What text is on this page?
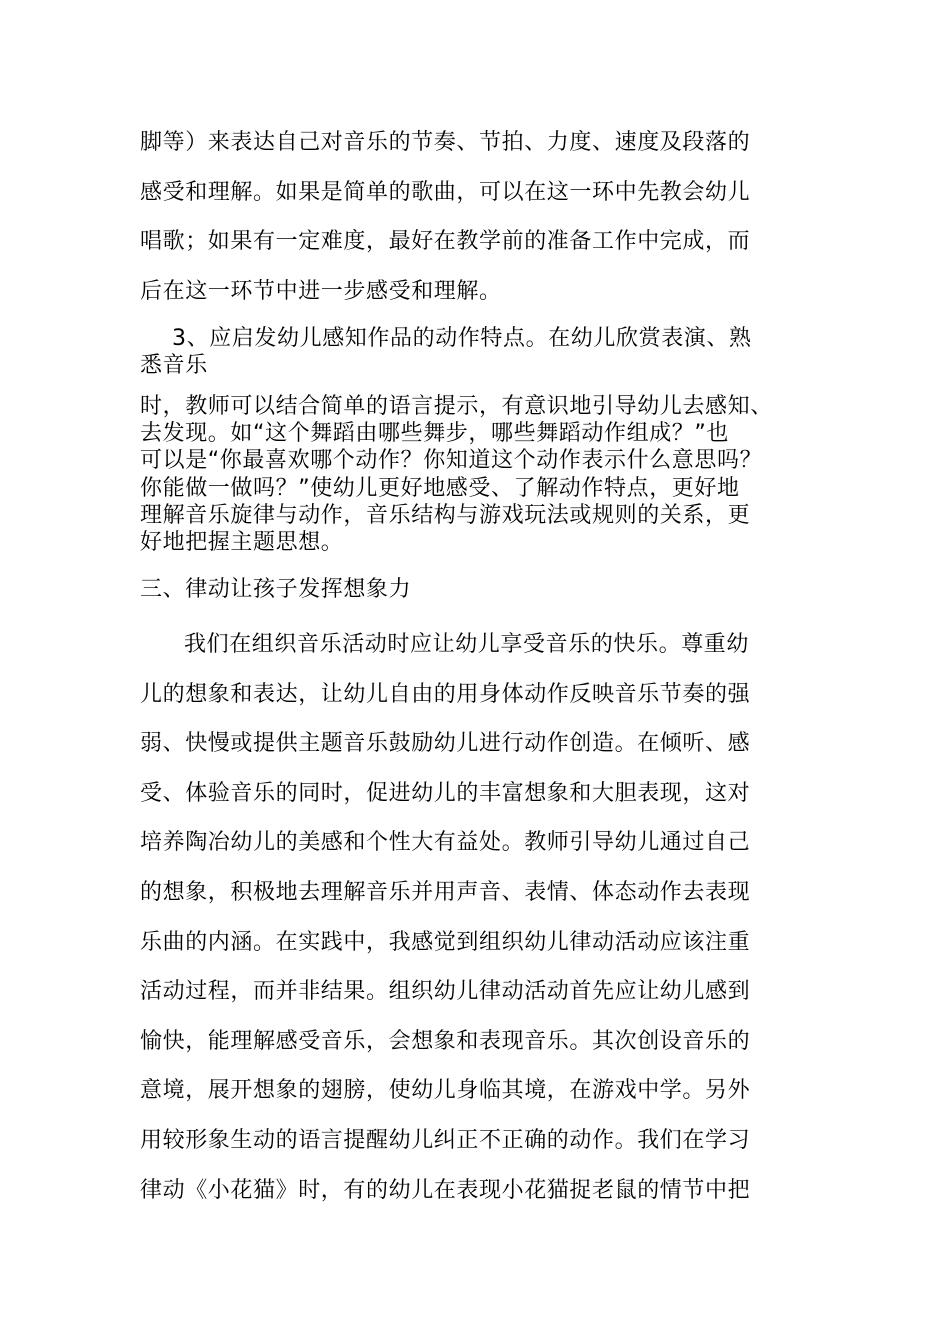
脚等）来表达自己对音乐的节奏、节拍、力度、速度及段落的
感受和理解。如果是简单的歌曲，可以在这一环中先教会幼儿
唱歌；如果有一定难度，最好在教学前的准备工作中完成，而
后在这一环节中进一步感受和理解。

3、应启发幼儿感知作品的动作特点。在幼儿欣赏表演、熟
悉音乐

时，教师可以结合简单的语言提示，有意识地引导幼儿去感知、
去发现。如“这个舞蹈由哪些舞步，哪些舞蹈动作组成？”也
可以是“你最喜欢哪个动作？你知道这个动作表示什么意思吗？
你能做一做吗？”使幼儿更好地感受、了解动作特点，更好地
理解音乐旋律与动作，音乐结构与游戏玩法或规则的关系，更
好地把握主题思想。

三、律动让孩子发挥想象力

我们在组织音乐活动时应让幼儿享受音乐的快乐。尊重幼
儿的想象和表达，让幼儿自由的用身体动作反映音乐节奏的强
弱、快慢或提供主题音乐鼓励幼儿进行动作创造。在倾听、感
受、体验音乐的同时，促进幼儿的丰富想象和大胆表现，这对
培养陶冶幼儿的美感和个性大有益处。教师引导幼儿通过自己
的想象，积极地去理解音乐并用声音、表情、体态动作去表现
乐曲的内涵。在实践中，我感觉到组织幼儿律动活动应该注重
活动过程，而并非结果。组织幼儿律动活动首先应让幼儿感到
愉快，能理解感受音乐，会想象和表现音乐。其次创设音乐的
意境，展开想象的翅膀，使幼儿身临其境，在游戏中学。另外
用较形象生动的语言提醒幼儿纠正不正确的动作。我们在学习
律动《小花猫》时，有的幼儿在表现小花猫捉老鼠的情节中把
